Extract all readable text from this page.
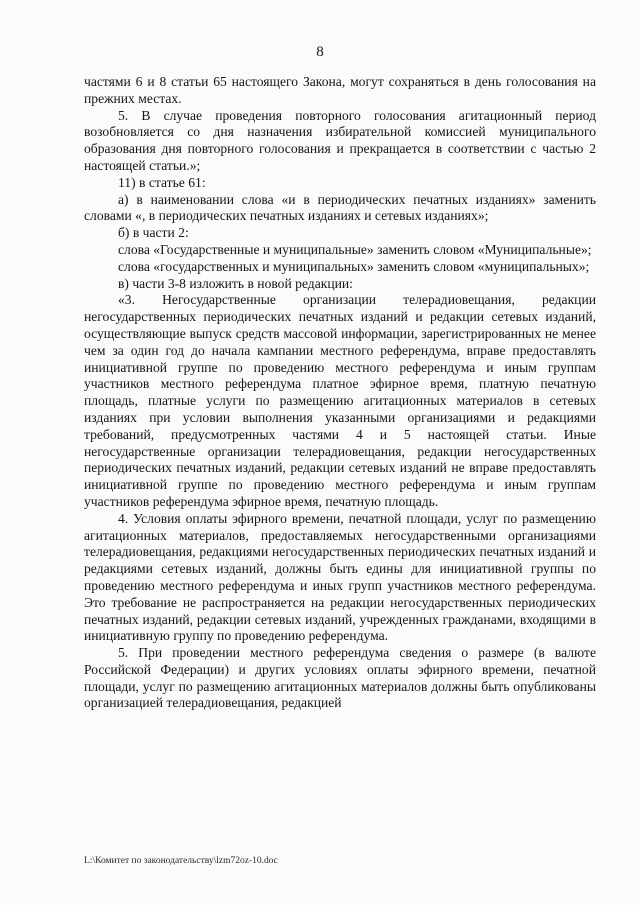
8

частями 6 и 8 статьи 65 настоящего Закона, могут сохраняться в день голосования на прежних местах.

5. В случае проведения повторного голосования агитационный период возобновляется со дня назначения избирательной комиссией муниципального образования дня повторного голосования и прекращается в соответствии с частью 2 настоящей статьи.»;

11) в статье 61:

а) в наименовании слова «и в периодических печатных изданиях» заменить словами «, в периодических печатных изданиях и сетевых изданиях»;

б) в части 2:

слова «Государственные и муниципальные» заменить словом «Муниципальные»;

слова «государственных и муниципальных» заменить словом «муниципальных»;

в) части 3-8 изложить в новой редакции:

«3. Негосударственные организации телерадиовещания, редакции негосударственных периодических печатных изданий и редакции сетевых изданий, осуществляющие выпуск средств массовой информации, зарегистрированных не менее чем за один год до начала кампании местного референдума, вправе предоставлять инициативной группе по проведению местного референдума и иным группам участников местного референдума платное эфирное время, платную печатную площадь, платные услуги по размещению агитационных материалов в сетевых изданиях при условии выполнения указанными организациями и редакциями требований, предусмотренных частями 4 и 5 настоящей статьи. Иные негосударственные организации телерадиовещания, редакции негосударственных периодических печатных изданий, редакции сетевых изданий не вправе предоставлять инициативной группе по проведению местного референдума и иным группам участников референдума эфирное время, печатную площадь.

4. Условия оплаты эфирного времени, печатной площади, услуг по размещению агитационных материалов, предоставляемых негосударственными организациями телерадиовещания, редакциями негосударственных периодических печатных изданий и редакциями сетевых изданий, должны быть едины для инициативной группы по проведению местного референдума и иных групп участников местного референдума. Это требование не распространяется на редакции негосударственных периодических печатных изданий, редакции сетевых изданий, учрежденных гражданами, входящими в инициативную группу по проведению референдума.

5. При проведении местного референдума сведения о размере (в валюте Российской Федерации) и других условиях оплаты эфирного времени, печатной площади, услуг по размещению агитационных материалов должны быть опубликованы организацией телерадиовещания, редакцией

L:\Комитет по законодательству\lzm72oz-10.doc
